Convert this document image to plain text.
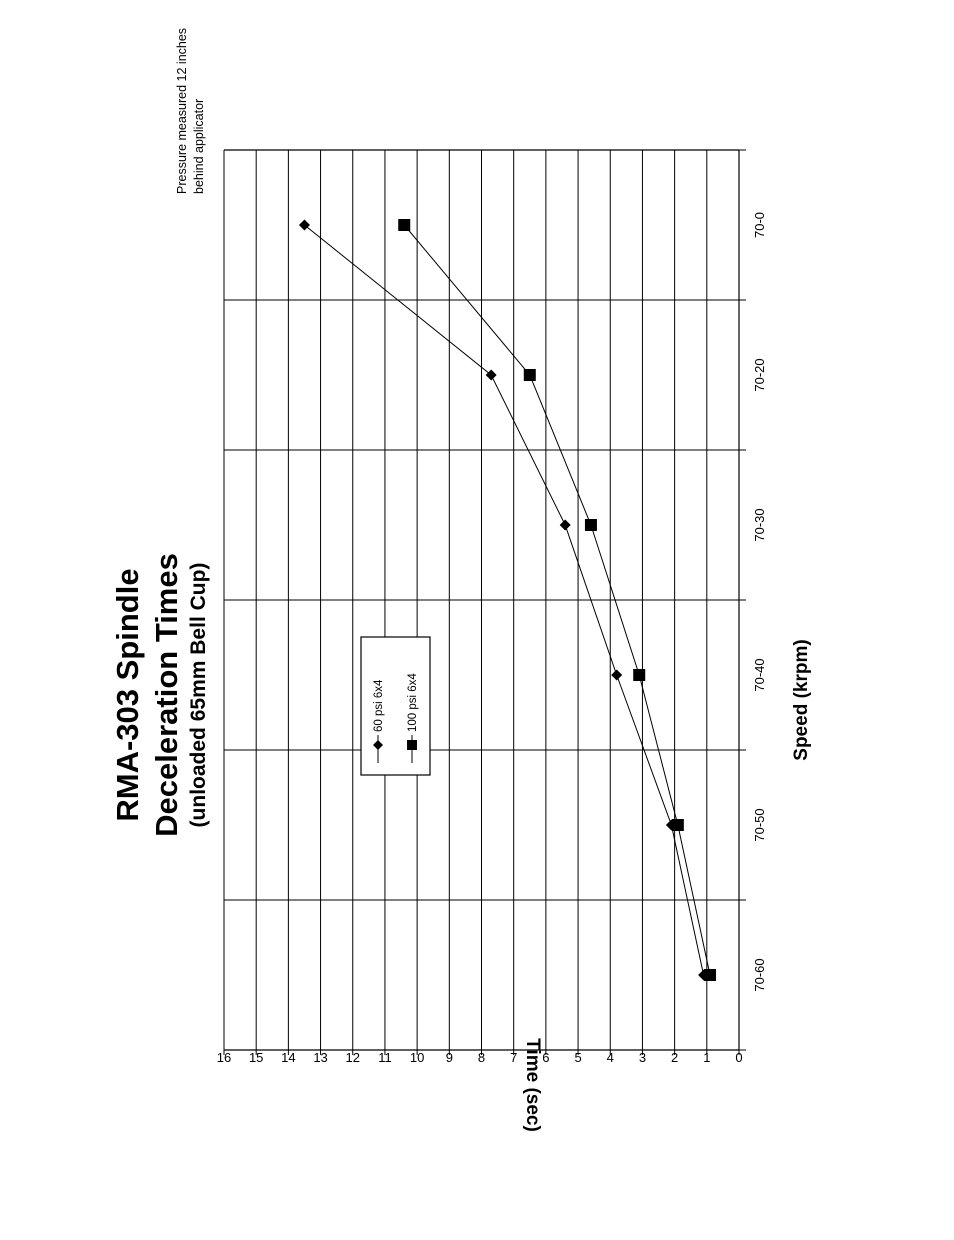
RMA-303 Spindle Deceleration Times (unloaded 65mm Bell Cup)
Pressure measured 12 inches behind applicator
Speed (krpm)
Time (sec)
70-60
70-50
70-40
70-30
70-20
70-0
0
1
2
3
4
5
6
7
8
9
10
11
12
13
14
15
16
60 psi 6x4 100 psi 6x4
